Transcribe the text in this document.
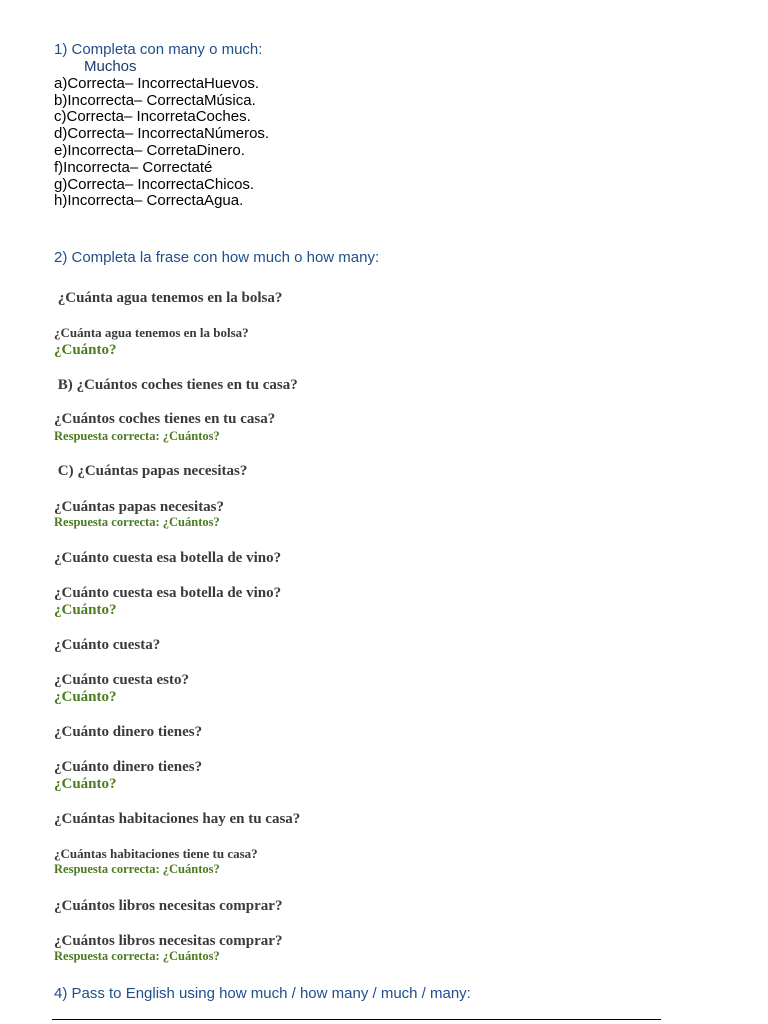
1) Completa con many o much:

Muchos

a)Correcta– IncorrectaHuevos.

b)Incorrecta– CorrectaMúsica.

c)Correcta– IncorretaCoches.

d)Correcta– IncorrectaNúmeros.

e)Incorrecta– CorretaDinero.

f)Incorrecta– Correctaté

g)Correcta– IncorrectaChicos.

h)Incorrecta– CorrectaAgua.

2) Completa la frase con how much o how many:

¿Cuánta agua tenemos en la bolsa?

¿Cuánta agua tenemos en la bolsa?

¿Cuánto?

B) ¿Cuántos coches tienes en tu casa?

¿Cuántos coches tienes en tu casa?

Respuesta correcta: ¿Cuántos?

C) ¿Cuántas papas necesitas?

¿Cuántas papas necesitas?

Respuesta correcta: ¿Cuántos?

¿Cuánto cuesta esa botella de vino?

¿Cuánto cuesta esa botella de vino?

¿Cuánto?

¿Cuánto cuesta?

¿Cuánto cuesta esto?

¿Cuánto?

¿Cuánto dinero tienes?

¿Cuánto dinero tienes?

¿Cuánto?

¿Cuántas habitaciones hay en tu casa?

¿Cuántas habitaciones tiene tu casa?

Respuesta correcta: ¿Cuántos?

¿Cuántos libros necesitas comprar?

¿Cuántos libros necesitas comprar?

Respuesta correcta: ¿Cuántos?

4) Pass to English using how much / how many / much / many:
